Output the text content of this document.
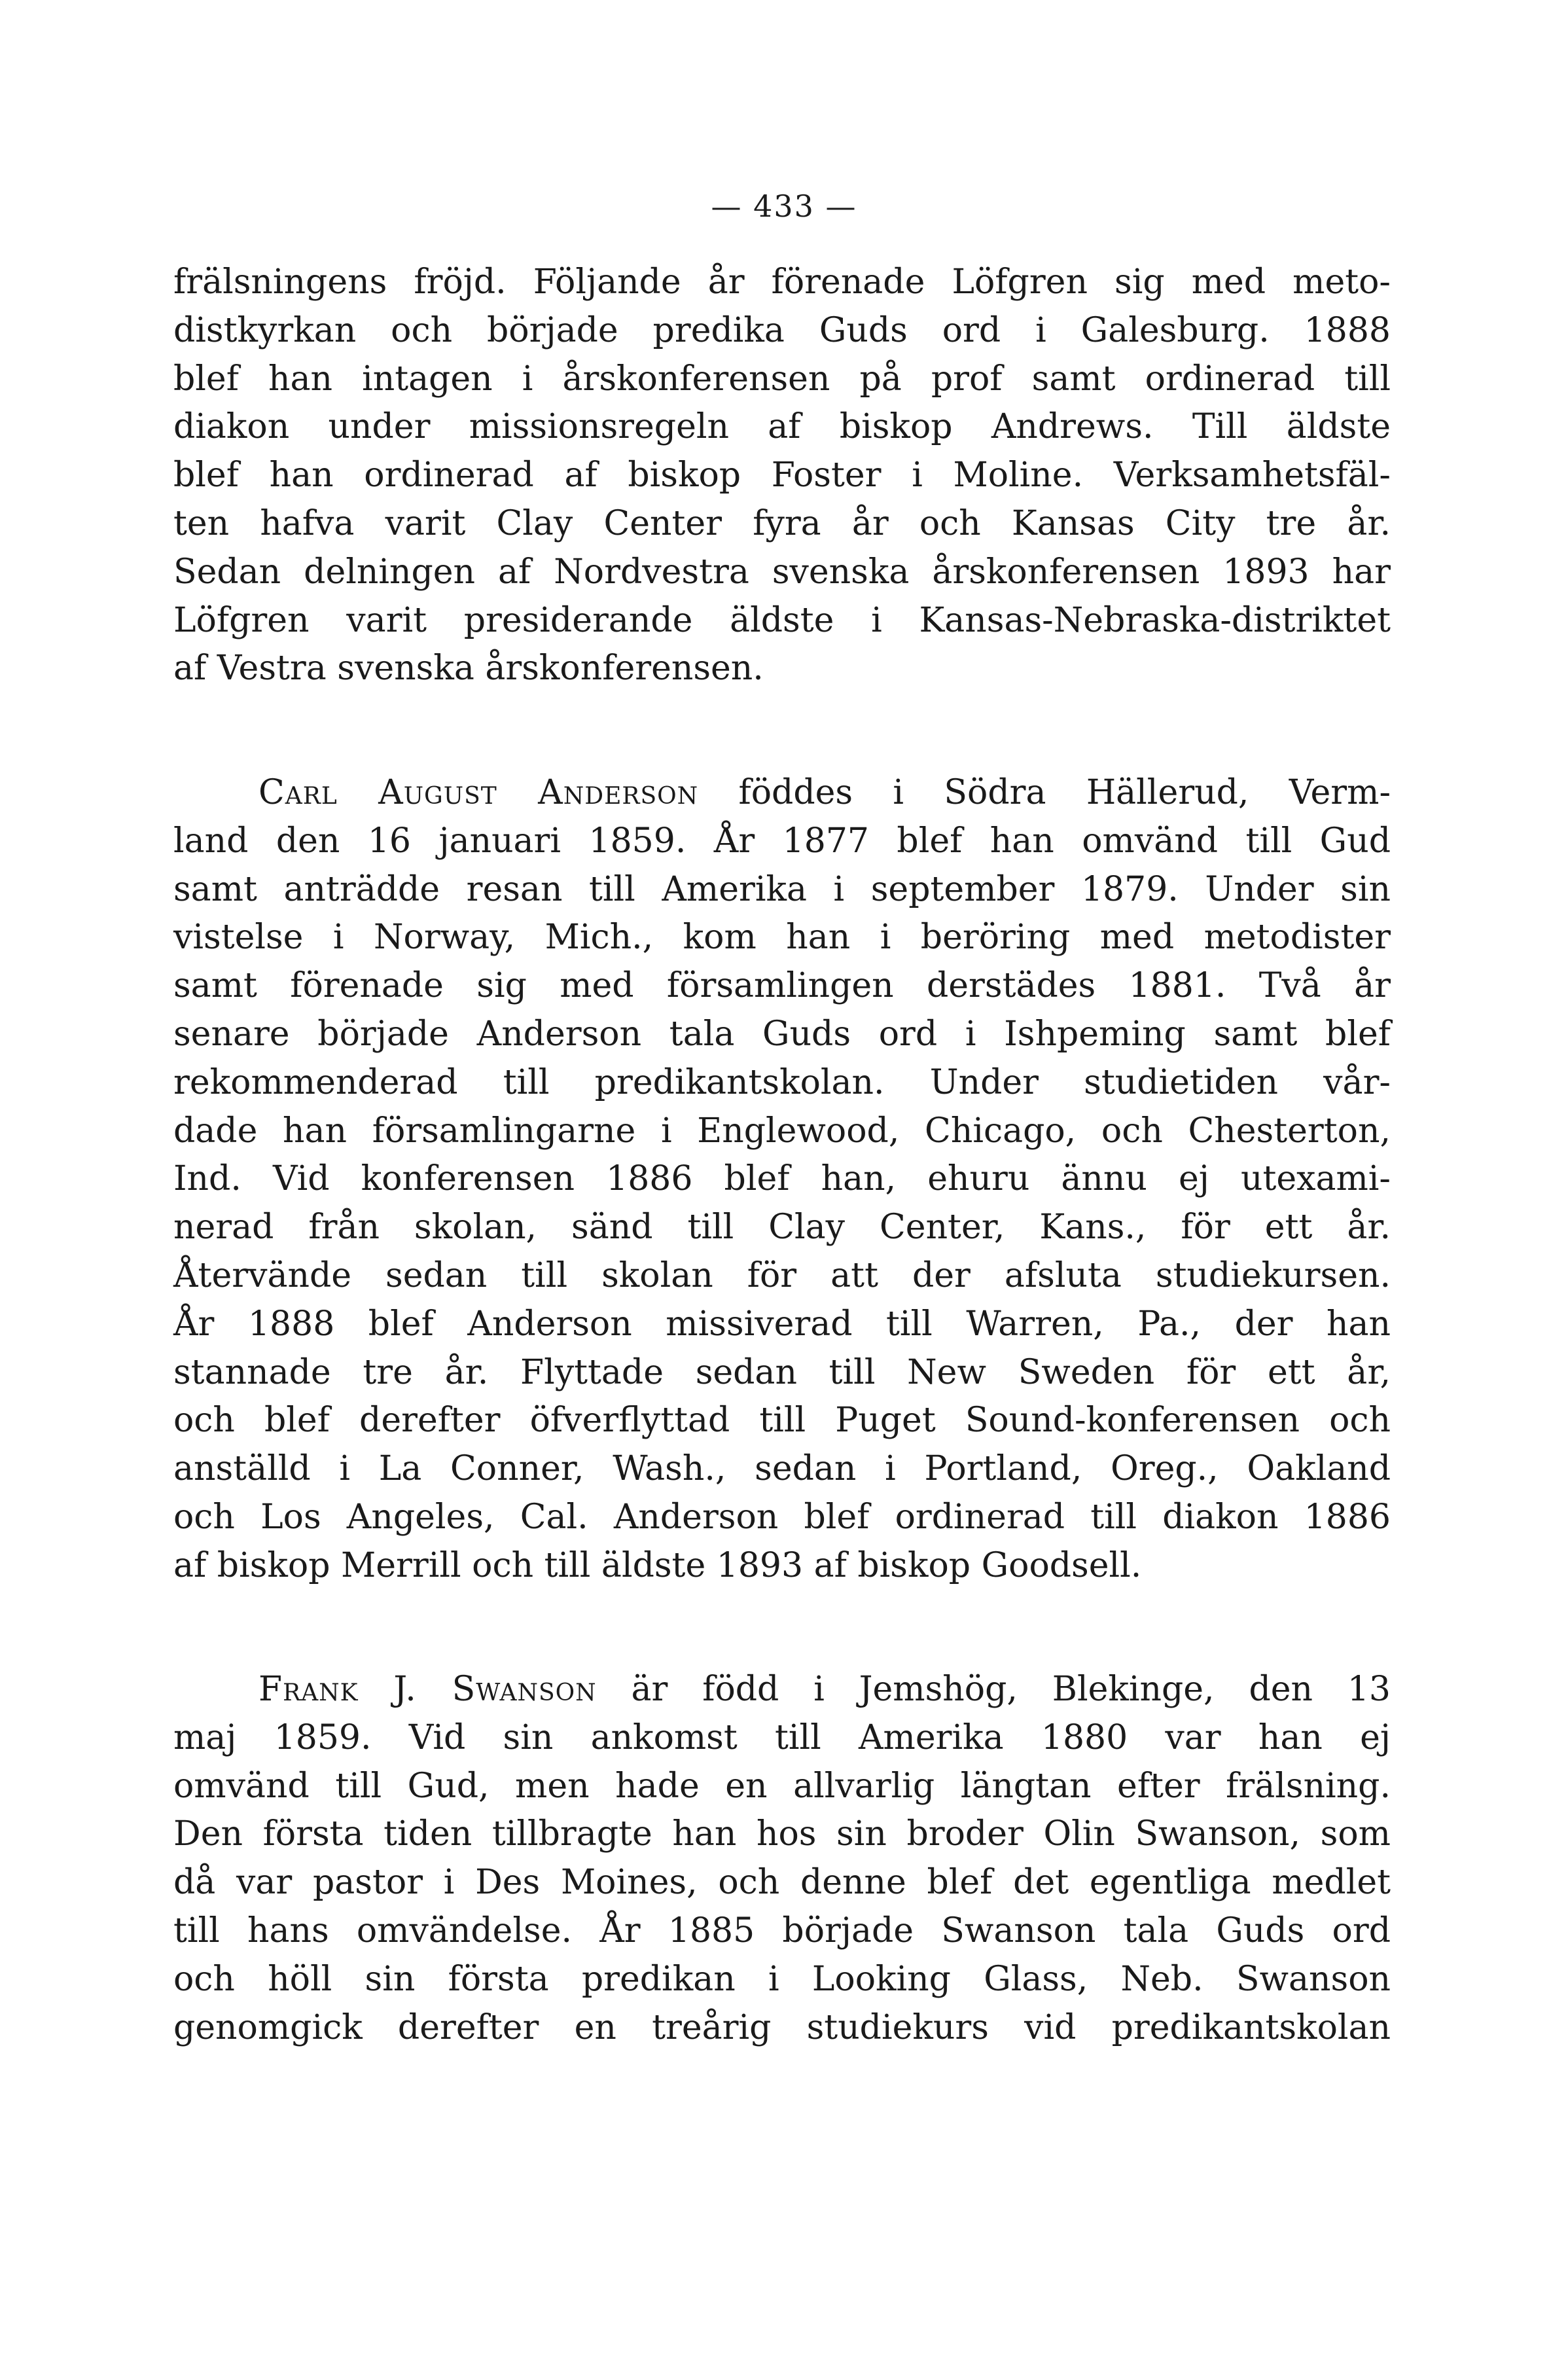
— 433 —
frälsningens fröjd. Följande år förenade Löfgren sig med meto-
distkyrkan och började predika Guds ord i Galesburg. 1888
blef han intagen i årskonferensen på prof samt ordinerad till
diakon under missionsregeln af biskop Andrews. Till äldste
blef han ordinerad af biskop Foster i Moline. Verksamhetsfäl-
ten hafva varit Clay Center fyra år och Kansas City tre år.
Sedan delningen af Nordvestra svenska årskonferensen 1893 har
Löfgren varit presiderande äldste i Kansas-Nebraska-distriktet
af Vestra svenska årskonferensen.
Carl August Anderson föddes i Södra Hällerud, Verm-
land den 16 januari 1859. År 1877 blef han omvänd till Gud
samt anträdde resan till Amerika i september 1879. Under sin
vistelse i Norway, Mich., kom han i beröring med metodister
samt förenade sig med församlingen derstädes 1881. Två år
senare började Anderson tala Guds ord i Ishpeming samt blef
rekommenderad till predikantskolan. Under studietiden vår-
dade han församlingarne i Englewood, Chicago, och Chesterton,
Ind. Vid konferensen 1886 blef han, ehuru ännu ej utexami-
nerad från skolan, sänd till Clay Center, Kans., för ett år.
Återvände sedan till skolan för att der afsluta studiekursen.
År 1888 blef Anderson missiverad till Warren, Pa., der han
stannade tre år. Flyttade sedan till New Sweden för ett år,
och blef derefter öfverflyttad till Puget Sound-konferensen och
anställd i La Conner, Wash., sedan i Portland, Oreg., Oakland
och Los Angeles, Cal. Anderson blef ordinerad till diakon 1886
af biskop Merrill och till äldste 1893 af biskop Goodsell.
Frank J. Swanson är född i Jemshög, Blekinge, den 13
maj 1859. Vid sin ankomst till Amerika 1880 var han ej
omvänd till Gud, men hade en allvarlig längtan efter frälsning.
Den första tiden tillbragte han hos sin broder Olin Swanson, som
då var pastor i Des Moines, och denne blef det egentliga medlet
till hans omvändelse. År 1885 började Swanson tala Guds ord
och höll sin första predikan i Looking Glass, Neb. Swanson
genomgick derefter en treårig studiekurs vid predikantskolan
